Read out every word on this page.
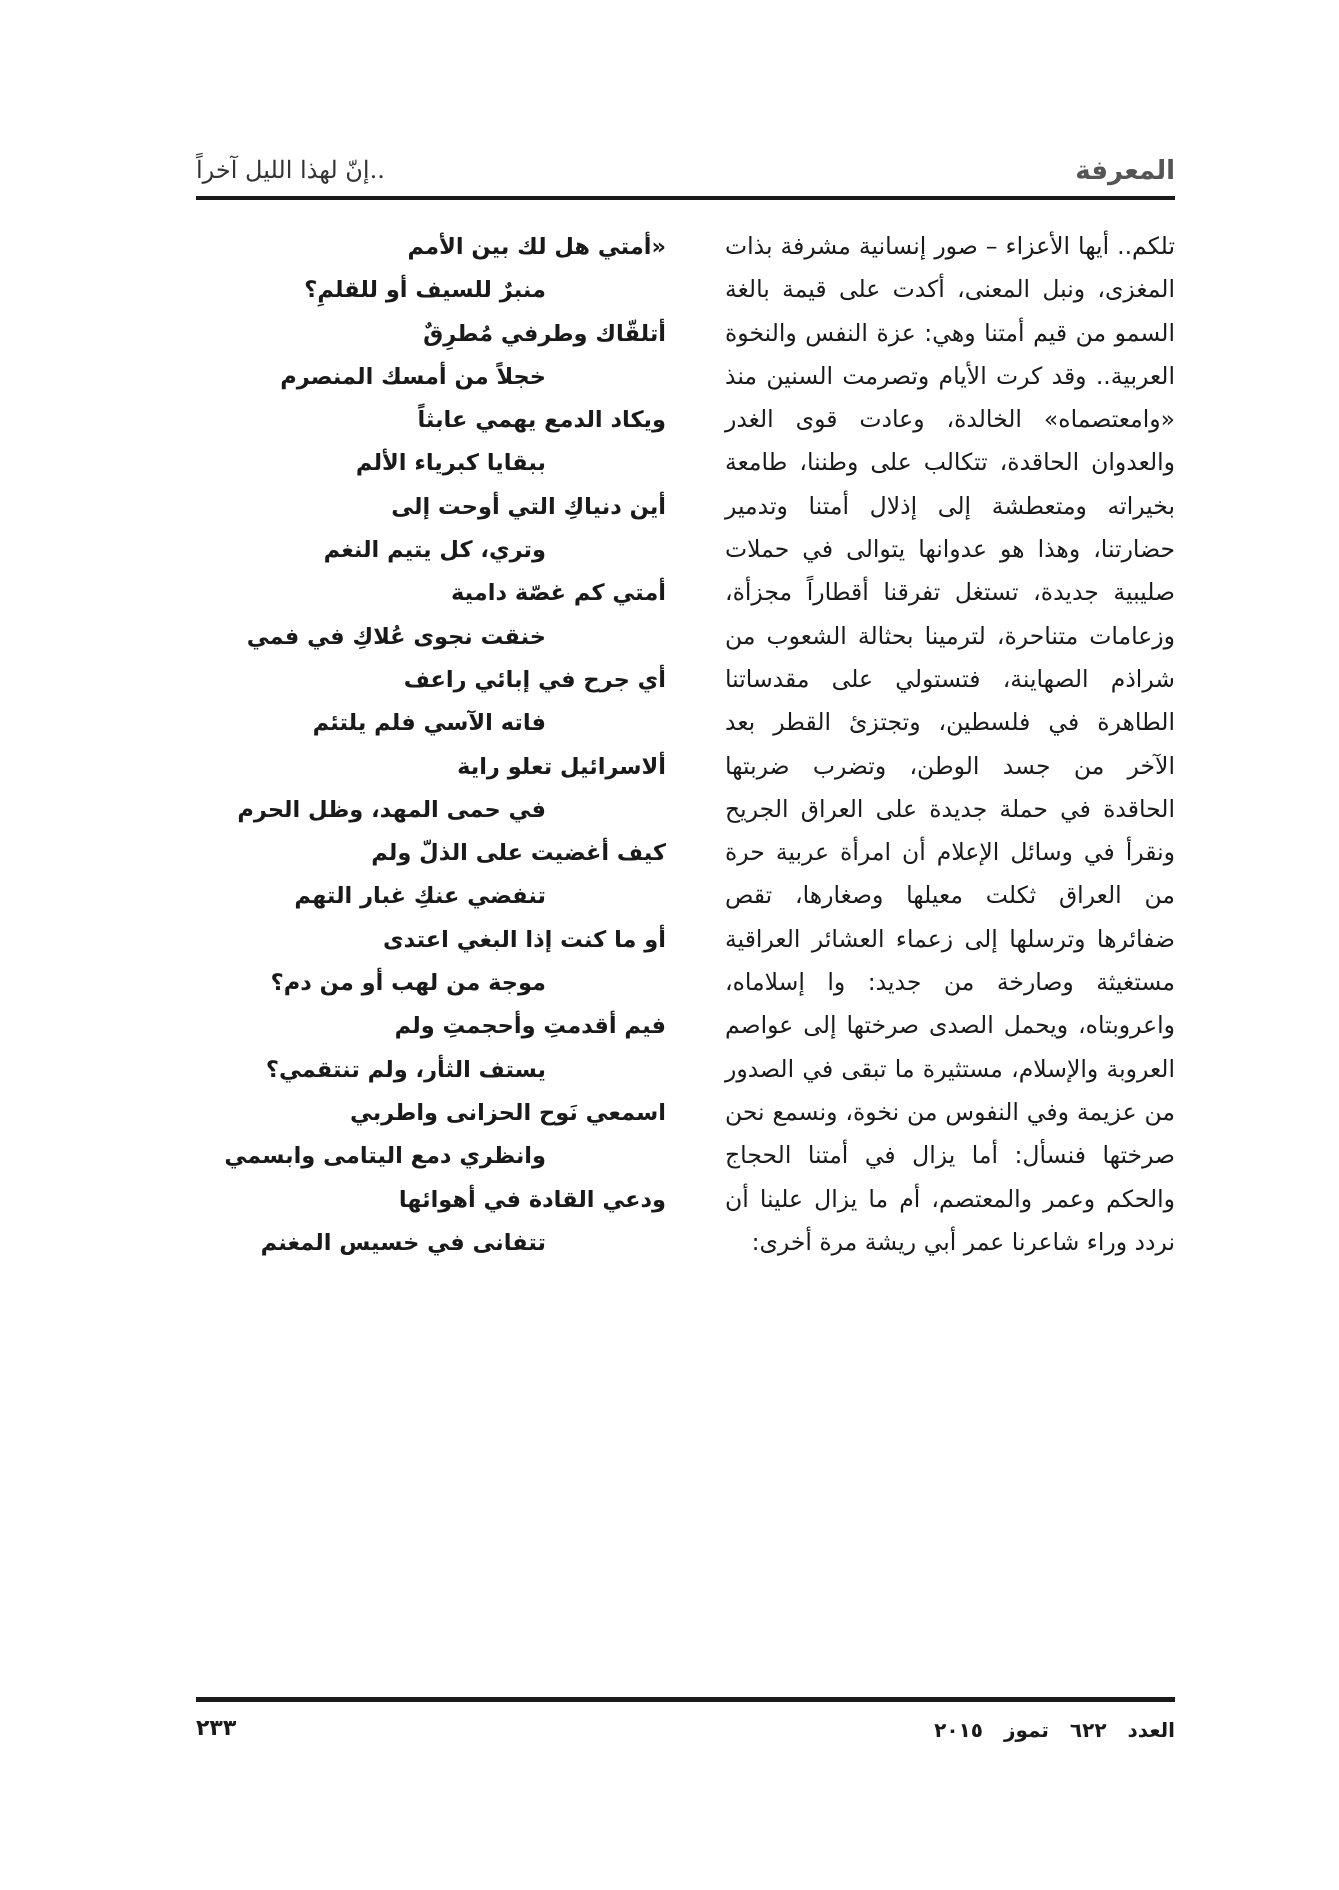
المعرفة
إنّ لهذا الليل آخراً..

تلكم.. أيها الأعزاء – صور إنسانية مشرفة بذات المغزى، ونبل المعنى، أكدت على قيمة بالغة السمو من قيم أمتنا وهي: عزة النفس والنخوة العربية.. وقد كرت الأيام وتصرمت السنين منذ «وامعتصماه» الخالدة، وعادت قوى الغدر والعدوان الحاقدة، تتكالب على وطننا، طامعة بخيراته ومتعطشة إلى إذلال أمتنا وتدمير حضارتنا، وهذا هو عدوانها يتوالى في حملات صليبية جديدة، تستغل تفرقنا أقطاراً مجزأة، وزعامات متناحرة، لترمينا بحثالة الشعوب من شراذم الصهاينة، فتستولي على مقدساتنا الطاهرة في فلسطين، وتجتزئ القطر بعد الآخر من جسد الوطن، وتضرب ضربتها الحاقدة في حملة جديدة على العراق الجريح ونقرأ في وسائل الإعلام أن امرأة عربية حرة من العراق ثكلت معيلها وصغارها، تقص ضفائرها وترسلها إلى زعماء العشائر العراقية مستغيثة وصارخة من جديد: وا إسلاماه، واعروبتاه، ويحمل الصدى صرختها إلى عواصم العروبة والإسلام، مستثيرة ما تبقى في الصدور من عزيمة وفي النفوس من نخوة، ونسمع نحن صرختها فنسأل: أما يزال في أمتنا الحجاج والحكم وعمر والمعتصم، أم ما يزال علينا أن نردد وراء شاعرنا عمر أبي ريشة مرة أخرى:

«أمتي هل لك بين الأمم
منبرٌ للسيف أو للقلمِ؟
أتلقّاك وطرفي مُطرِقٌ
خجلاً من أمسك المنصرم
ويكاد الدمع يهمي عابثاً
ببقايا كبرياء الألم
أين دنياكِ التي أوحت إلى
وتري، كل يتيم النغم
أمتي كم غصّة دامية
خنقت نجوى عُلاكِ في فمي
أي جرح في إبائي راعف
فاته الآسي فلم يلتئم
ألاسرائيل تعلو راية
في حمى المهد، وظل الحرم
كيف أغضيت على الذلّ ولم
تنفضي عنكِ غبار التهم
أو ما كنت إذا البغي اعتدى
موجة من لهب أو من دم؟
فيم أقدمتِ وأحجمتِ ولم
يستف الثأر، ولم تنتقمي؟
اسمعي نَوح الحزانى واطربي
وانظري دمع اليتامى وابسمي
ودعي القادة في أهوائها
تتفانى في خسيس المغنم
العدد ٦٢٢ تموز ٢٠١٥
٢٣٣
